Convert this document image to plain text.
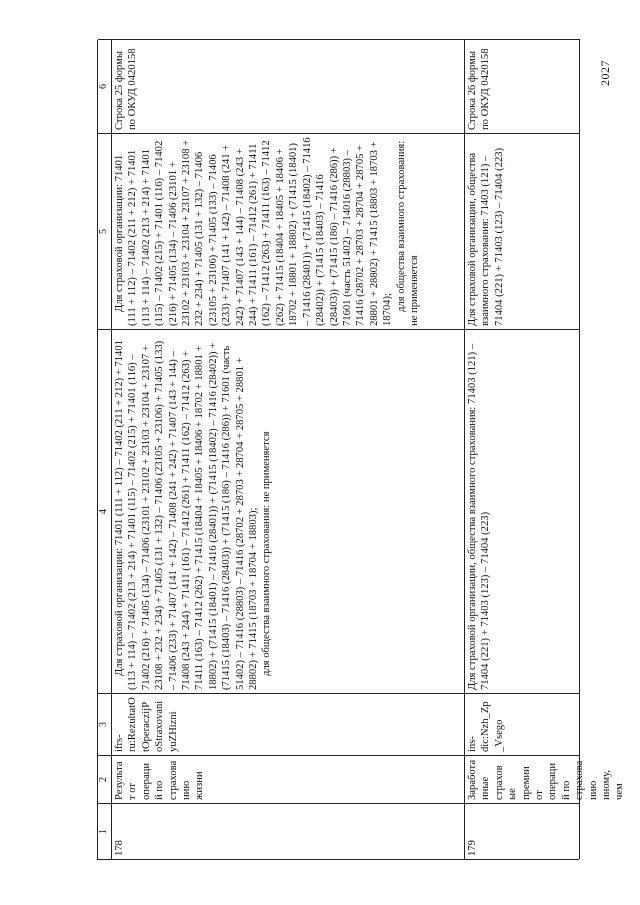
1
2
3
4
5
6
178
Результат от операций по страхованию жизни
ifrs-ru:RezultatOtOperaczijPoStraxovaniyuZHizni

Для страховой организации: 71401 (111 + 112) – 71402 (211 + 212) + 71401 (113 + 114) – 71402 (213 + 214) + 71401 (115) – 71402 (215) + 71401 (116) – 71402 (216) + 71405 (134) – 71406 (23101 + 23102 + 23103 + 23104 + 23107 + 23108 + 232 + 234) + 71405 (131 + 132) – 71406 (23105 + 23106) + 71405 (133) – 71406 (233) + 71407 (141 + 142) – 71408 (241 + 242) + 71407 (143 + 144) – 71408 (243 + 244) + 71411 (161) – 71412 (261) + 71411 (162) – 71412 (263) + 71411 (163) – 71412 (262) + 71415 (18404 + 18405 + 18406 + 18702 + 18801 + 18802) + (71415 (18401) – 71416 (28401)) + (71415 (18402) – 71416 (28402)) + (71415 (18403) – 71416 (28403)) + (71415 (186) – 71416 (286)) + 71601 (часть 51402) – 71416 (28803) – 71416 (28702 + 28703 + 28704 + 28705 + 28801 + 28802) + 71415 (18703 + 18704 + 18803); для общества взаимного страхования: не применяется

Для страховой организации: 71401 (111 + 112) – 71402 (211 + 212) + 71401 (113 + 114) – 71402 (213 + 214) + 71401 (115) – 71402 (215) + 71401 (116) – 71402 (216) + 71405 (134) – 71406 (23101 + 23102 + 23103 + 23104 + 23107 + 23108 + 232 + 234) + 71405 (131 + 132) – 71406 (23105 + 23106) + 71405 (133) – 71406 (233) + 71407 (141 + 142) – 71408 (241 + 242) + 71407 (143 + 144) – 71408 (243 + 244) + 71411 (161) – 71412 (261) + 71411 (162) – 71412 (263) + 71411 (163) – 71412 (262) + 71415 (18404 + 18405 + 18406 + 18702 + 18801 + 18802) + (71415 (18401) – 71416 (28401)) + (71415 (18402) – 71416 (28402)) + (71415 (18403) – 71416 (28403)) + (71415 (186) – 71416 (286)) + 71601 (часть 51402) – 714016 (28803) – 71416 (28702 + 28703 + 28704 + 28705 + 28801 + 28802) + 71415 (18803 + 18703 + 18704); для общества взаимного страхования: не применяется

Строка 25 формы по ОКУД 0420158
179
Заработанные страховые премии от операций по страхованию иному, чем
ins-dic:Nzh_Zp_Vsego
Для страховой организации, общества взаимного страхования: 71403 (121) – 71404 (221) + 71403 (123) – 71404 (223)
Для страховой организации, общества взаимного страхования: 71403 (121) – 71404 (221) + 71403 (123) – 71404 (223)
Строка 26 формы по ОКУД 0420158	2027
